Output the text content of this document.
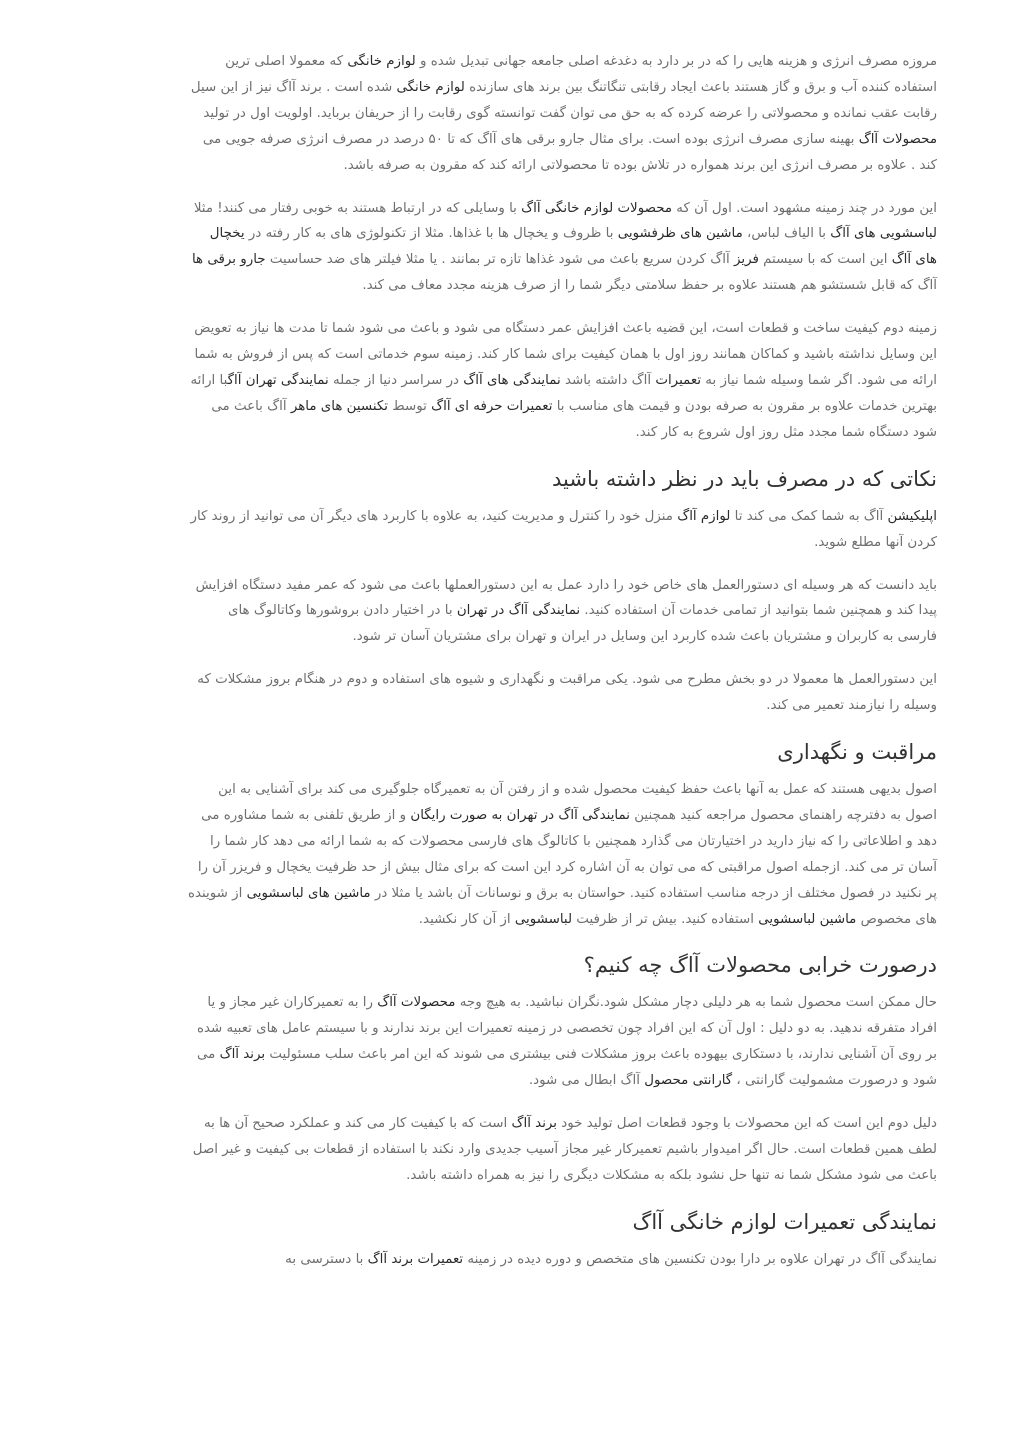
مروزه مصرف انرژی و هزینه هایی را که در بر دارد به دغدغه اصلی جامعه جهانی تبدیل شده و لوازم خانگی که معمولا اصلی ترین استفاده کننده آب و برق و گاز هستند باعث ایجاد رقابتی تنگاتنگ بین برند های سازنده لوازم خانگی شده است . برند آاگ نیز از این سیل رقابت عقب نمانده و محصولاتی را عرضه کرده که به حق می توان گفت توانسته گوی رقابت را از حریفان برباید. اولویت اول در تولید محصولات آاگ بهینه سازی مصرف انرژی بوده است. برای مثال جارو برقی های آاگ که تا ۵۰ درصد در مصرف انرژی صرفه جویی می کند . علاوه بر مصرف انرژی این برند همواره در تلاش بوده تا محصولاتی ارائه کند که مقرون به صرفه باشد.

این مورد در چند زمینه مشهود است. اول آن که محصولات لوازم خانگی آاگ با وسایلی که در ارتباط هستند به خوبی رفتار می کنند! مثلا لباسشویی های آاگ با الیاف لباس، ماشین های ظرفشویی با ظروف و یخچال ها با غذاها. مثلا از تکنولوژی های به کار رفته در یخچال های آاگ این است که با سیستم فریز آاگ کردن سریع باعث می شود غذاها تازه تر بمانند . یا مثلا فیلتر های ضد حساسیت جارو برقی ها آاگ که قابل شستشو هم هستند علاوه بر حفظ سلامتی دیگر شما را از صرف هزینه مجدد معاف می کند.

زمینه دوم کیفیت ساخت و قطعات است، این قضیه باعث افزایش عمر دستگاه می شود و باعث می شود شما تا مدت ها نیاز به تعویض این وسایل نداشته باشید و کماکان همانند روز اول با همان کیفیت برای شما کار کند. زمینه سوم خدماتی است که پس از فروش به شما ارائه می شود. اگر شما وسیله شما نیاز به تعمیرات آاگ داشته باشد نمایندگی های آاگ در سراسر دنیا از جمله نمایندگی تهران آاگبا ارائه بهترین خدمات علاوه بر مقرون به صرفه بودن و قیمت های مناسب با تعمیرات حرفه ای آاگ توسط تکنسین های ماهر آاگ باعث می شود دستگاه شما مجدد مثل روز اول شروع به کار کند.

نکاتی که در مصرف باید در نظر داشته باشید

اپلیکیشن آاگ به شما کمک می کند تا لوازم آاگ منزل خود را کنترل و مدیریت کنید، به علاوه با کاربرد های دیگر آن می توانید از روند کار کردن آنها مطلع شوید.

باید دانست که هر وسیله ای دستورالعمل های خاص خود را دارد عمل به این دستورالعملها باعث می شود که عمر مفید دستگاه افزایش پیدا کند و همچنین شما بتوانید از تمامی خدمات آن استفاده کنید. نمایندگی آاگ در تهران با در اختیار دادن بروشورها وکاتالوگ های فارسی به کاربران و مشتریان باعث شده کاربرد این وسایل در ایران و تهران برای مشتریان آسان تر شود.

این دستورالعمل ها معمولا در دو بخش مطرح می شود. یکی مراقبت و نگهداری و شیوه های استفاده و دوم در هنگام بروز مشکلات که وسیله را نیازمند تعمیر می کند.

مراقبت و نگهداری

اصول بدیهی هستند که عمل به آنها باعث حفظ کیفیت محصول شده و از رفتن آن به تعمیرگاه جلوگیری می کند برای آشنایی به این اصول به دفترچه راهنمای محصول مراجعه کنید همچنین نمایندگی آاگ در تهران به صورت رایگان و از طریق تلفنی به شما مشاوره می دهد و اطلاعاتی را که نیاز دارید در اختیارتان می گذارد همچنین با کاتالوگ های فارسی محصولات که به شما ارائه می دهد کار شما را آسان تر می کند. ازجمله اصول مراقبتی که می توان به آن اشاره کرد این است که برای مثال بیش از حد ظرفیت یخچال و فریزر آن را پر نکنید در فصول مختلف از درجه مناسب استفاده کنید. حواستان به برق و نوسانات آن باشد یا مثلا در ماشین های لباسشویی از شوینده های مخصوص ماشین لباسشویی استفاده کنید. بیش تر از ظرفیت لباسشویی از آن کار نکشید.

درصورت خرابی محصولات آاگ چه کنیم؟

حال ممکن است محصول شما به هر دلیلی دچار مشکل شود.نگران نباشید. به هیچ وجه محصولات آاگ را به تعمیرکاران غیر مجاز و یا افراد متفرقه ندهید. به دو دلیل : اول آن که این افراد چون تخصصی در زمینه تعمیرات این برند ندارند و با سیستم عامل های تعبیه شده بر روی آن آشنایی ندارند، با دستکاری بیهوده باعث بروز مشکلات فنی بیشتری می شوند که این امر باعث سلب مسئولیت برند آاگ می شود و درصورت مشمولیت گارانتی ، گارانتی محصول آاگ ابطال می شود.

دلیل دوم این است که این محصولات با وجود قطعات اصل تولید خود برند آاگ است که با کیفیت کار می کند و عملکرد صحیح آن ها به لطف همین قطعات است. حال اگر امیدوار باشیم تعمیرکار غیر مجاز آسیب جدیدی وارد نکند با استفاده از قطعات بی کیفیت و غیر اصل باعث می شود مشکل شما نه تنها حل نشود بلکه به مشکلات دیگری را نیز به همراه داشته باشد.

نمایندگی تعمیرات لوازم خانگی آاگ

نمایندگی آاگ در تهران علاوه بر دارا بودن تکنسین های متخصص و دوره دیده در زمینه تعمیرات برند آاگ با دسترسی به
